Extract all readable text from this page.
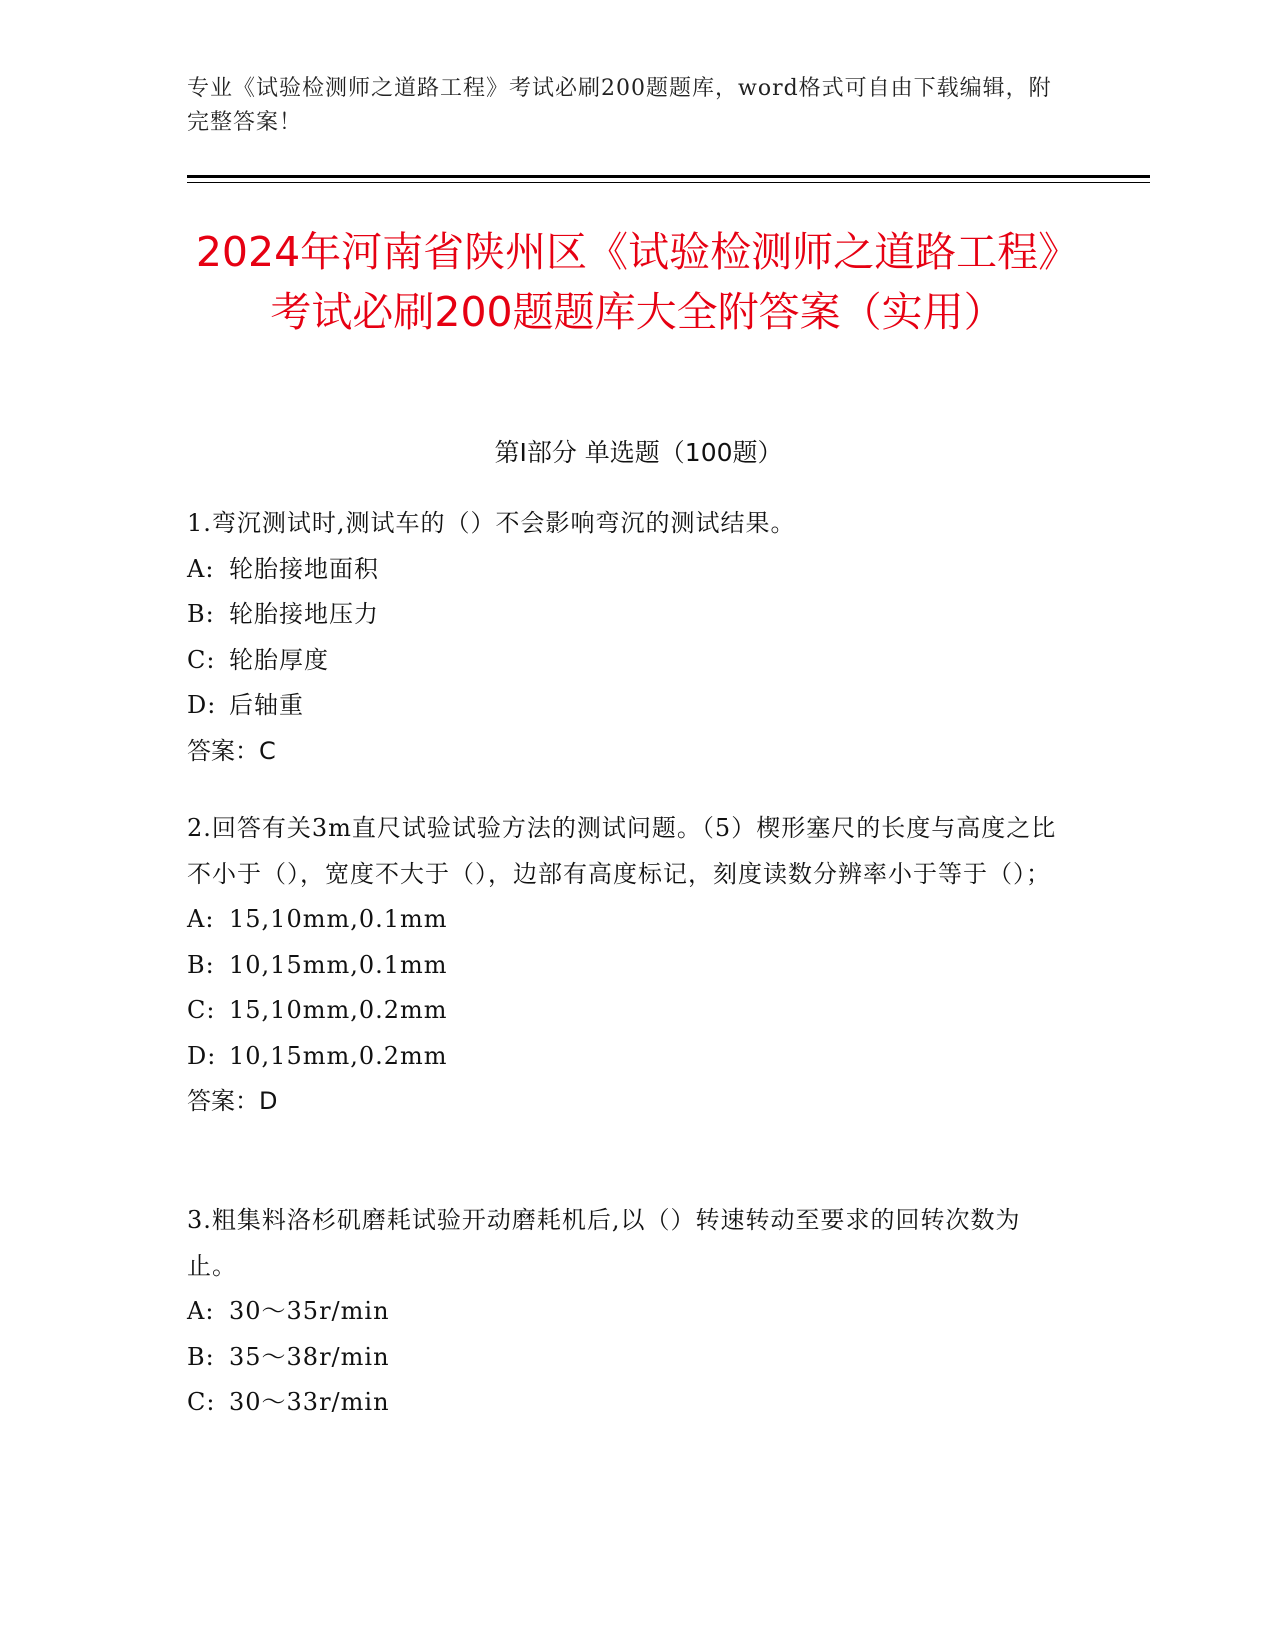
专业《试验检测师之道路工程》考试必刷200题题库，word格式可自由下载编辑，附完整答案！
2024年河南省陕州区《试验检测师之道路工程》考试必刷200题题库大全附答案（实用）
第Ⅰ部分 单选题（100题）
1.弯沉测试时,测试车的（）不会影响弯沉的测试结果。
A: 轮胎接地面积
B: 轮胎接地压力
C: 轮胎厚度
D: 后轴重
答案：C
2.回答有关3m直尺试验试验方法的测试问题。（5）楔形塞尺的长度与高度之比不小于（），宽度不大于（），边部有高度标记，刻度读数分辨率小于等于（）；
A: 15,10mm,0.1mm
B: 10,15mm,0.1mm
C: 15,10mm,0.2mm
D: 10,15mm,0.2mm
答案：D
3.粗集料洛杉矶磨耗试验开动磨耗机后,以（）转速转动至要求的回转次数为止。
A: 30～35r/min
B: 35～38r/min
C: 30～33r/min
